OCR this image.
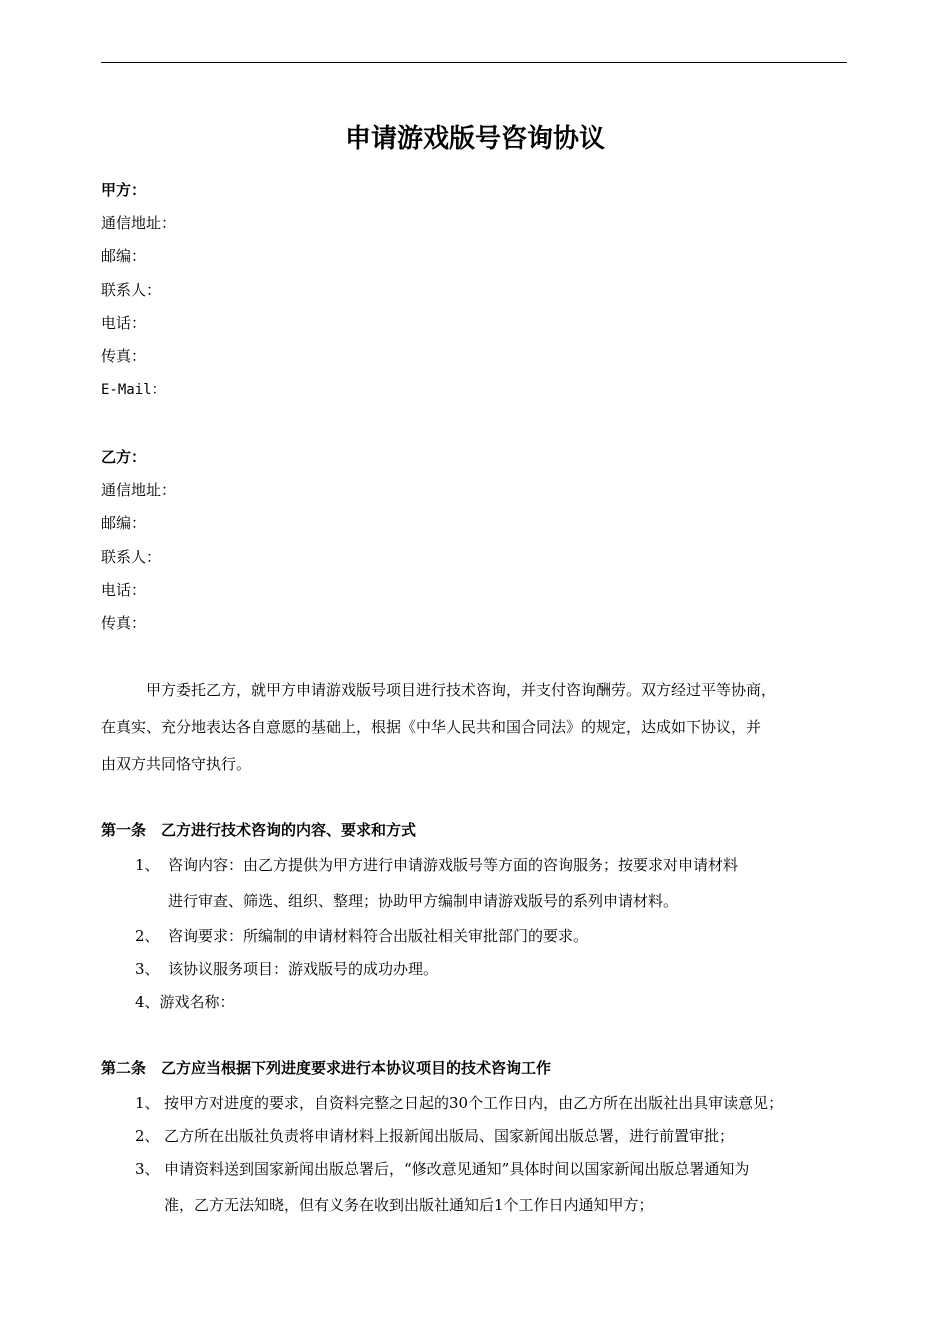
申请游戏版号咨询协议
甲方：
通信地址：
邮编：
联系人：
电话：
传真：
E-Mail：
乙方：
通信地址：
邮编：
联系人：
电话：
传真：
甲方委托乙方，就甲方申请游戏版号项目进行技术咨询，并支付咨询酬劳。双方经过平等协商，
在真实、充分地表达各自意愿的基础上，根据《中华人民共和国合同法》的规定，达成如下协议，并
由双方共同恪守执行。
第一条　乙方进行技术咨询的内容、要求和方式
1、 咨询内容：由乙方提供为甲方进行申请游戏版号等方面的咨询服务；按要求对申请材料
进行审查、筛选、组织、整理；协助甲方编制申请游戏版号的系列申请材料。
2、 咨询要求：所编制的申请材料符合出版社相关审批部门的要求。
3、 该协议服务项目：游戏版号的成功办理。
4、游戏名称：
第二条　乙方应当根据下列进度要求进行本协议项目的技术咨询工作
1、 按甲方对进度的要求，自资料完整之日起的30个工作日内，由乙方所在出版社出具审读意见；
2、 乙方所在出版社负责将申请材料上报新闻出版局、国家新闻出版总署，进行前置审批；
3、 申请资料送到国家新闻出版总署后，“修改意见通知”具体时间以国家新闻出版总署通知为
准，乙方无法知晓，但有义务在收到出版社通知后1个工作日内通知甲方；
